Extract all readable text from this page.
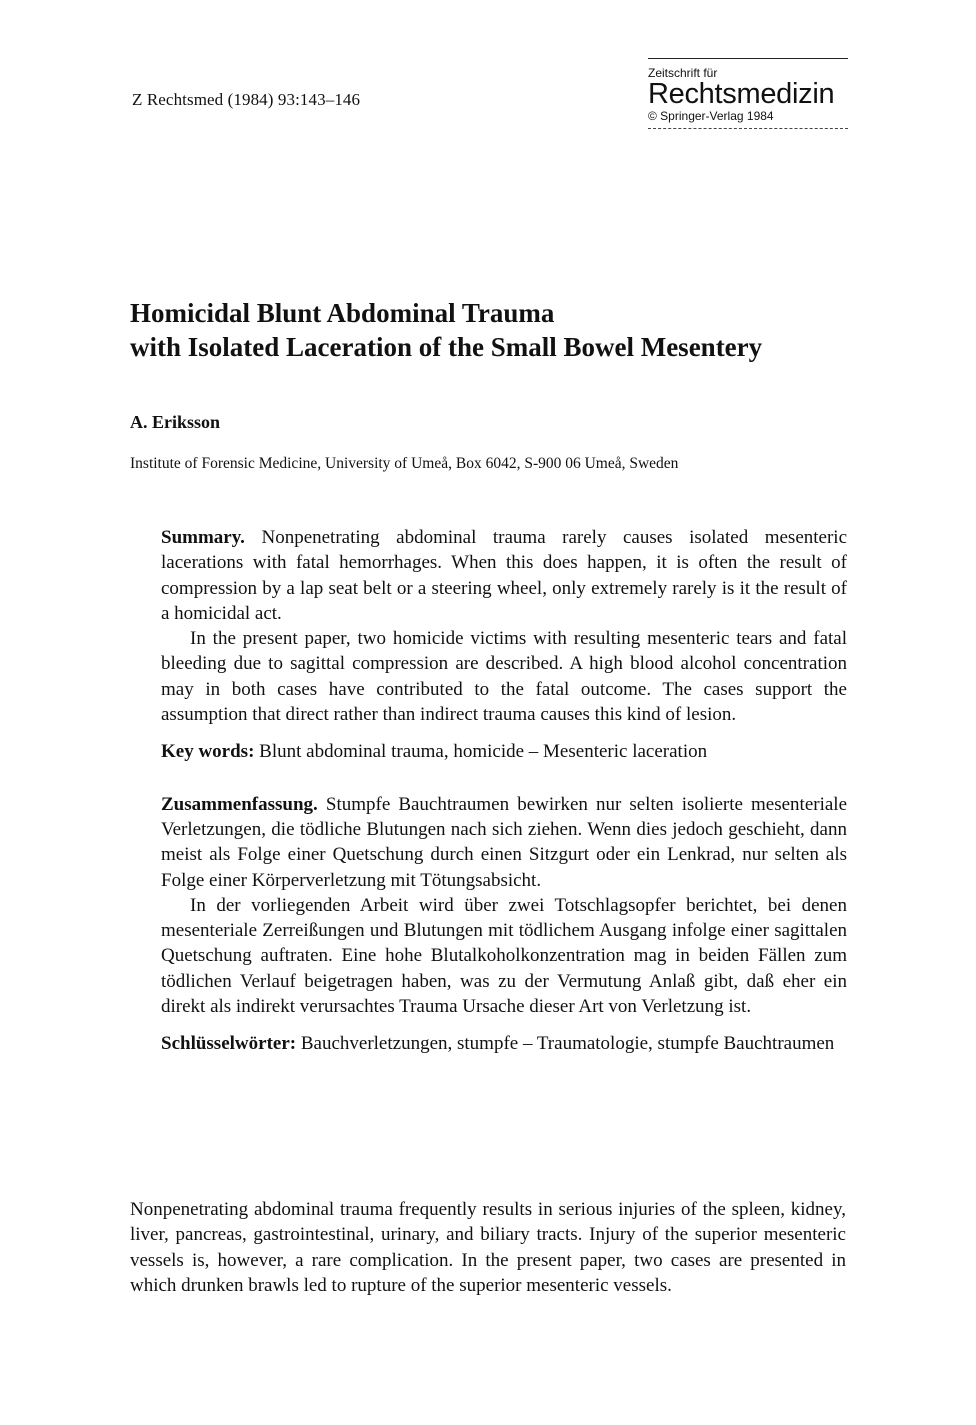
Z Rechtsmed (1984) 93:143–146
Zeitschrift für
Rechtsmedizin
© Springer-Verlag 1984
Homicidal Blunt Abdominal Trauma
with Isolated Laceration of the Small Bowel Mesentery
A. Eriksson
Institute of Forensic Medicine, University of Umeå, Box 6042, S-900 06 Umeå, Sweden

Summary. Nonpenetrating abdominal trauma rarely causes isolated mesenteric lacerations with fatal hemorrhages. When this does happen, it is often the result of compression by a lap seat belt or a steering wheel, only extremely rarely is it the result of a homicidal act.

In the present paper, two homicide victims with resulting mesenteric tears and fatal bleeding due to sagittal compression are described. A high blood alcohol concentration may in both cases have contributed to the fatal outcome. The cases support the assumption that direct rather than indirect trauma causes this kind of lesion.

Key words: Blunt abdominal trauma, homicide – Mesenteric laceration

Zusammenfassung. Stumpfe Bauchtraumen bewirken nur selten isolierte mesenteriale Verletzungen, die tödliche Blutungen nach sich ziehen. Wenn dies jedoch geschieht, dann meist als Folge einer Quetschung durch einen Sitzgurt oder ein Lenkrad, nur selten als Folge einer Körperverletzung mit Tötungsabsicht.

In der vorliegenden Arbeit wird über zwei Totschlagsopfer berichtet, bei denen mesenteriale Zerreißungen und Blutungen mit tödlichem Ausgang infolge einer sagittalen Quetschung auftraten. Eine hohe Blutalkoholkonzentration mag in beiden Fällen zum tödlichen Verlauf beigetragen haben, was zu der Vermutung Anlaß gibt, daß eher ein direkt als indirekt verursachtes Trauma Ursache dieser Art von Verletzung ist.

Schlüsselwörter: Bauchverletzungen, stumpfe – Traumatologie, stumpfe Bauchtraumen

Nonpenetrating abdominal trauma frequently results in serious injuries of the spleen, kidney, liver, pancreas, gastrointestinal, urinary, and biliary tracts. Injury of the superior mesenteric vessels is, however, a rare complication. In the present paper, two cases are presented in which drunken brawls led to rupture of the superior mesenteric vessels.
